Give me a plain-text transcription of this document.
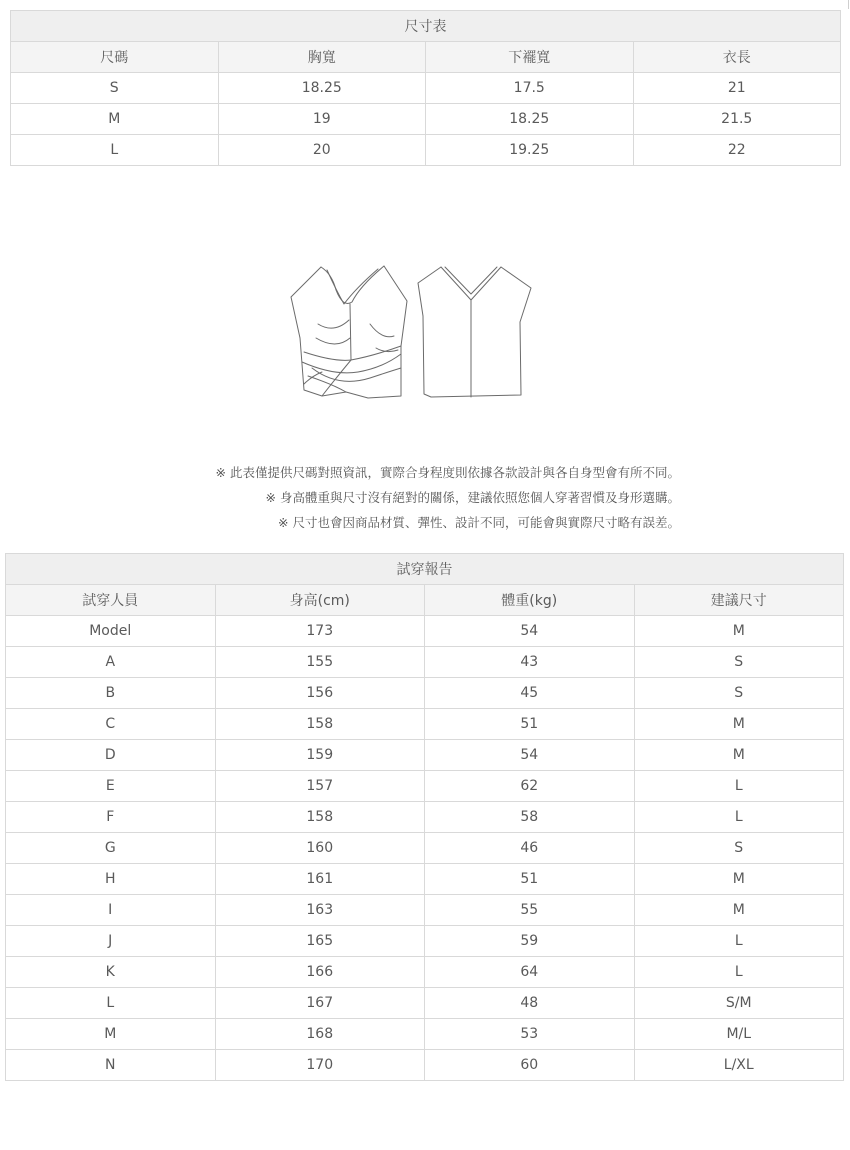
尺寸表			
尺碼	胸寬	下襬寬	衣長
S	18.25	17.5	21
M	19	18.25	21.5
L	20	19.25	22
※ 此表僅提供尺碼對照資訊，實際合身程度則依據各款設計與各自身型會有所不同。
※ 身高體重與尺寸沒有絕對的關係，建議依照您個人穿著習慣及身形選購。
※ 尺寸也會因商品材質、彈性、設計不同，可能會與實際尺寸略有誤差。
試穿報告			
試穿人員	身高(cm)	體重(kg)	建議尺寸
Model	173	54	M
A	155	43	S
B	156	45	S
C	158	51	M
D	159	54	M
E	157	62	L
F	158	58	L
G	160	46	S
H	161	51	M
I	163	55	M
J	165	59	L
K	166	64	L
L	167	48	S/M
M	168	53	M/L
N	170	60	L/XL
